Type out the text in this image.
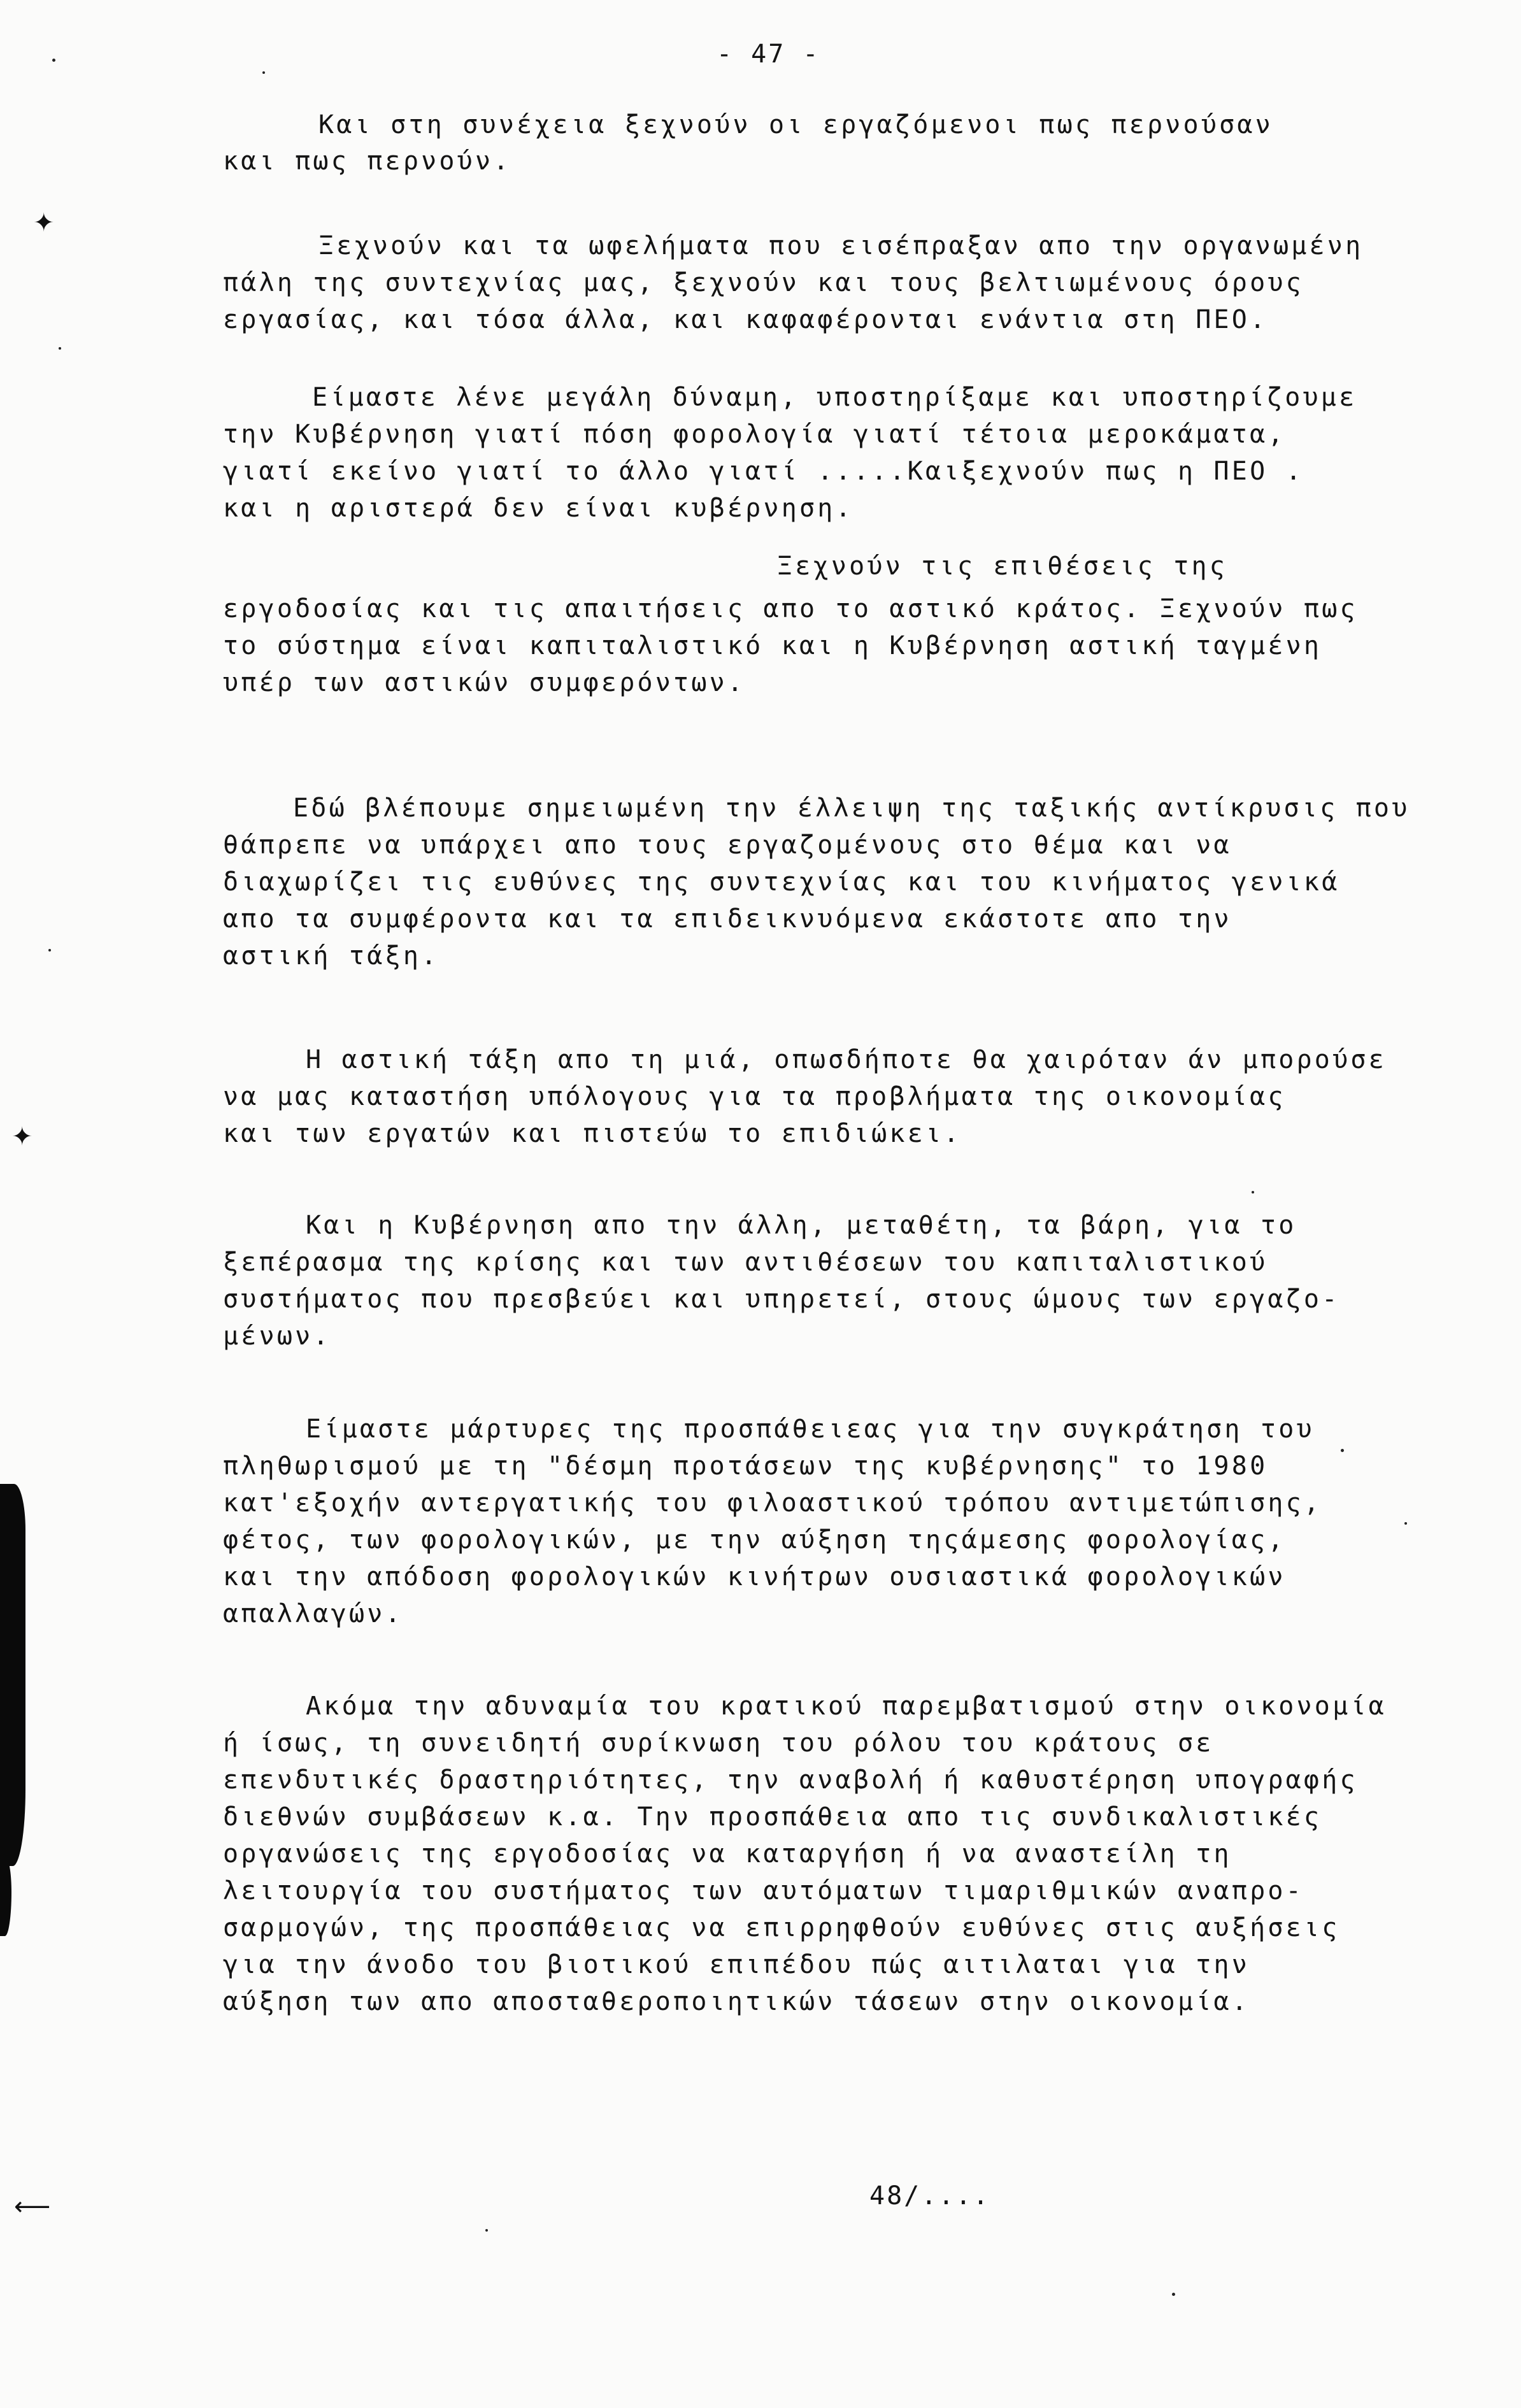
✦
✦
⟵
- 47 -
48/....
Και στη συνέχεια ξεχνούν οι εργαζόμενοι πως περνούσαν
και πως περνούν.
Ξεχνούν και τα ωφελήματα που εισέπραξαν απο την οργανωμένη
πάλη της συντεχνίας μας, ξεχνούν και τους βελτιωμένους όρους
εργασίας, και τόσα άλλα, και καφαφέρονται ενάντια στη ΠΕΟ.
Είμαστε λένε μεγάλη δύναμη, υποστηρίξαμε και υποστηρίζουμε
την Κυβέρνηση γιατί πόση φορολογία γιατί τέτοια μεροκάματα,
γιατί εκείνο γιατί το άλλο γιατί .....Καιξεχνούν πως η ΠΕΟ .
και η αριστερά δεν είναι κυβέρνηση.
Ξεχνούν τις επιθέσεις της
εργοδοσίας και τις απαιτήσεις απο το αστικό κράτος. Ξεχνούν πως
το σύστημα είναι καπιταλιστικό και η Κυβέρνηση αστική ταγμένη
υπέρ των αστικών συμφερόντων.
Εδώ βλέπουμε σημειωμένη την έλλειψη της ταξικής αντίκρυσις που
θάπρεπε να υπάρχει απο τους εργαζομένους στο θέμα και να
διαχωρίζει τις ευθύνες της συντεχνίας και του κινήματος γενικά
απο τα συμφέροντα και τα επιδεικνυόμενα εκάστοτε απο την
αστική τάξη.
Η αστική τάξη απο τη μιά, οπωσδήποτε θα χαιρόταν άν μπορούσε
να μας καταστήση υπόλογους για τα προβλήματα της οικονομίας
και των εργατών και πιστεύω το επιδιώκει.
Και η Κυβέρνηση απο την άλλη, μεταθέτη, τα βάρη, για το
ξεπέρασμα της κρίσης και των αντιθέσεων του καπιταλιστικού
συστήματος που πρεσβεύει και υπηρετεί, στους ώμους των εργαζο-
μένων.
Είμαστε μάρτυρες της προσπάθειεας για την συγκράτηση του
πληθωρισμού με τη "δέσμη προτάσεων της κυβέρνησης" το 1980
κατ'εξοχήν αντεργατικής του φιλοαστικού τρόπου αντιμετώπισης,
φέτος, των φορολογικών, με την αύξηση τηςάμεσης φορολογίας,
και την απόδοση φορολογικών κινήτρων ουσιαστικά φορολογικών
απαλλαγών.
Ακόμα την αδυναμία του κρατικού παρεμβατισμού στην οικονομία
ή ίσως, τη συνειδητή συρίκνωση του ρόλου του κράτους σε
επενδυτικές δραστηριότητες, την αναβολή ή καθυστέρηση υπογραφής
διεθνών συμβάσεων κ.α. Την προσπάθεια απο τις συνδικαλιστικές
οργανώσεις της εργοδοσίας να καταργήση ή να αναστείλη τη
λειτουργία του συστήματος των αυτόματων τιμαριθμικών αναπρο-
σαρμογών, της προσπάθειας να επιρρηφθούν ευθύνες στις αυξήσεις
για την άνοδο του βιοτικού επιπέδου πώς αιτιλαται για την
αύξηση των απο αποσταθεροποιητικών τάσεων στην οικονομία.
